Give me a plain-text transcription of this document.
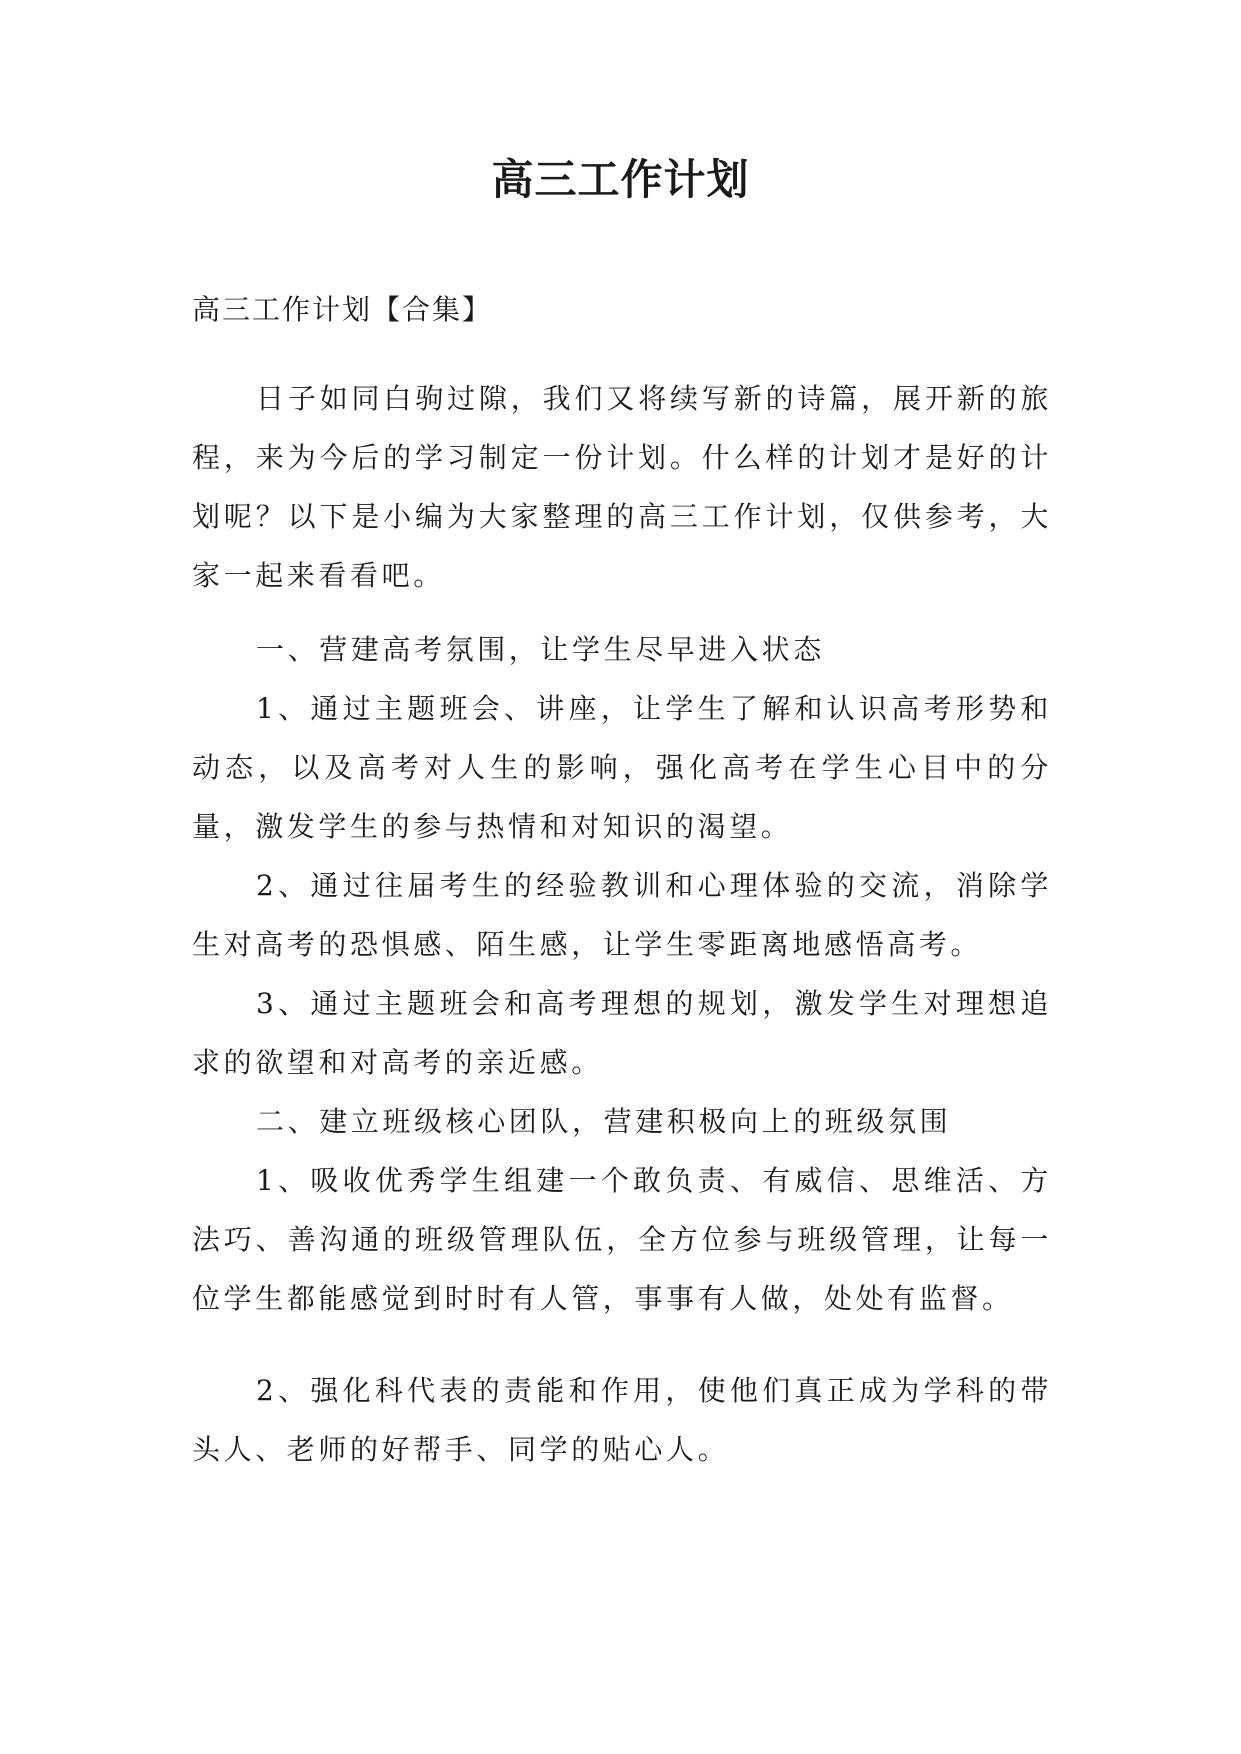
高三工作计划

高三工作计划【合集】

日子如同白驹过隙，我们又将续写新的诗篇，展开新的旅程，来为今后的学习制定一份计划。什么样的计划才是好的计划呢？以下是小编为大家整理的高三工作计划，仅供参考，大家一起来看看吧。

一、营建高考氛围，让学生尽早进入状态

1、通过主题班会、讲座，让学生了解和认识高考形势和动态，以及高考对人生的影响，强化高考在学生心目中的分量，激发学生的参与热情和对知识的渴望。

2、通过往届考生的经验教训和心理体验的交流，消除学生对高考的恐惧感、陌生感，让学生零距离地感悟高考。

3、通过主题班会和高考理想的规划，激发学生对理想追求的欲望和对高考的亲近感。

二、建立班级核心团队，营建积极向上的班级氛围

1、吸收优秀学生组建一个敢负责、有威信、思维活、方法巧、善沟通的班级管理队伍，全方位参与班级管理，让每一位学生都能感觉到时时有人管，事事有人做，处处有监督。

2、强化科代表的责能和作用，使他们真正成为学科的带头人、老师的好帮手、同学的贴心人。
